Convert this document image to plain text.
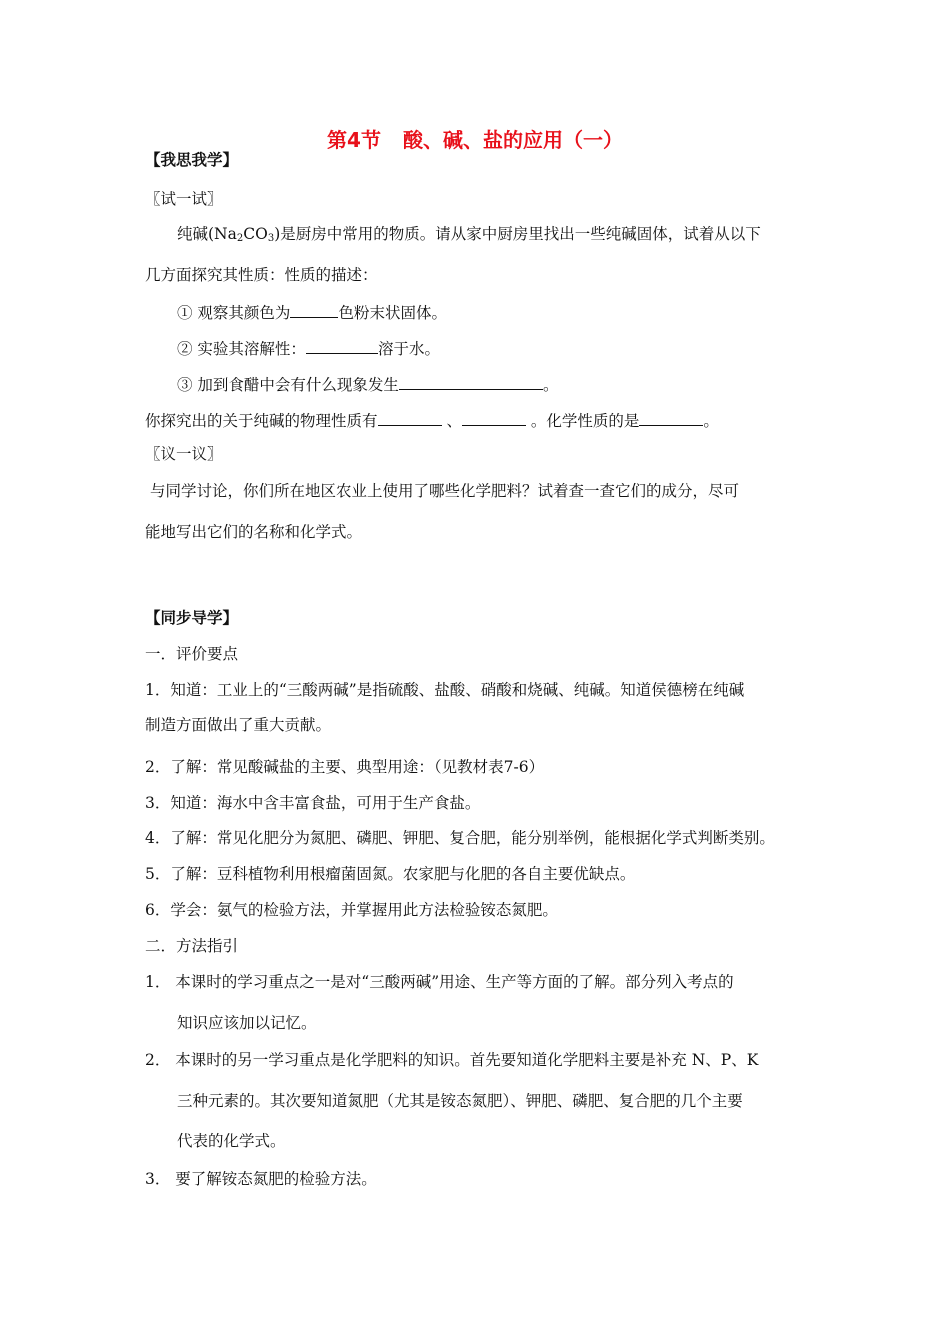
第4节 酸、碱、盐的应用（一）
【我思我学】
〖试一试〗
纯碱$(Na_2CO_3)$是厨房中常用的物质。请从家中厨房里找出一些纯碱固体，试着从以下
几方面探究其性质：性质的描述：
① 观察其颜色为	色粉末状固体。
② 实验其溶解性：	溶于水。
③ 加到食醋中会有什么现象发生	。
你探究出的关于纯碱的物理性质有	、	。化学性质的是	。
〖议一议〗
与同学讨论，你们所在地区农业上使用了哪些化学肥料？试着查一查它们的成分，尽可
能地写出它们的名称和化学式。
【同步导学】
一．评价要点
1．知道：工业上的“三酸两碱”是指硫酸、盐酸、硝酸和烧碱、纯碱。知道侯德榜在纯碱
制造方面做出了重大贡献。
2．了解：常见酸碱盐的主要、典型用途：（见教材表7-6）
3．知道：海水中含丰富食盐，可用于生产食盐。
4．了解：常见化肥分为氮肥、磷肥、钾肥、复合肥，能分别举例，能根据化学式判断类别。
5．了解：豆科植物利用根瘤菌固氮。农家肥与化肥的各自主要优缺点。
6．学会：氨气的检验方法，并掌握用此方法检验铵态氮肥。
二．方法指引
1． 本课时的学习重点之一是对“三酸两碱”用途、生产等方面的了解。部分列入考点的
知识应该加以记忆。
2． 本课时的另一学习重点是化学肥料的知识。首先要知道化学肥料主要是补充 N、P、K
三种元素的。其次要知道氮肥（尤其是铵态氮肥）、钾肥、磷肥、复合肥的几个主要
代表的化学式。
3． 要了解铵态氮肥的检验方法。
